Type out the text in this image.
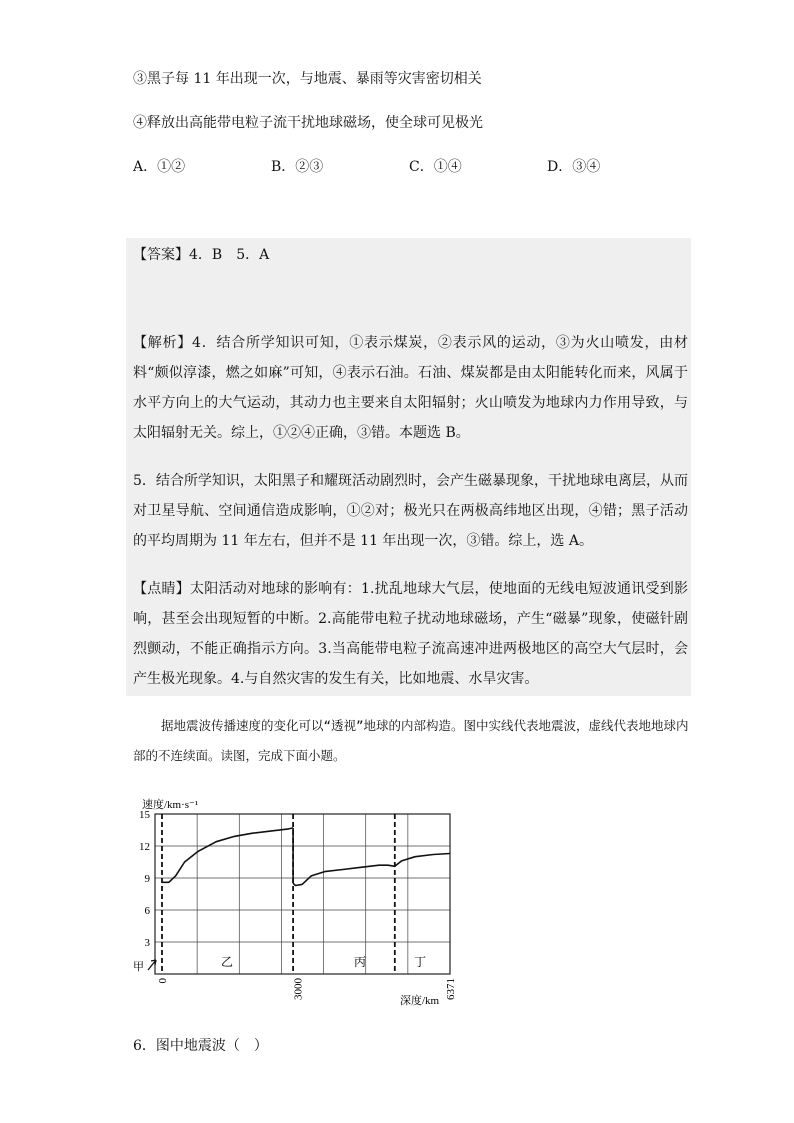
③黑子每 11 年出现一次，与地震、暴雨等灾害密切相关
④释放出高能带电粒子流干扰地球磁场，使全球可见极光
A．①②	B．②③	C．①④	D．③④
【答案】4．B　5．A
【解析】4．结合所学知识可知，①表示煤炭，②表示风的运动，③为火山喷发，由材料“颇似淳漆，燃之如麻”可知，④表示石油。石油、煤炭都是由太阳能转化而来，风属于水平方向上的大气运动，其动力也主要来自太阳辐射；火山喷发为地球内力作用导致，与太阳辐射无关。综上，①②④正确，③错。本题选 B。
5．结合所学知识，太阳黑子和耀斑活动剧烈时，会产生磁暴现象，干扰地球电离层，从而对卫星导航、空间通信造成影响，①②对；极光只在两极高纬地区出现，④错；黑子活动的平均周期为 11 年左右，但并不是 11 年出现一次，③错。综上，选 A。
【点睛】太阳活动对地球的影响有：1.扰乱地球大气层，使地面的无线电短波通讯受到影响，甚至会出现短暂的中断。2.高能带电粒子扰动地球磁场，产生“磁暴”现象，使磁针剧烈颤动，不能正确指示方向。3.当高能带电粒子流高速冲进两极地区的高空大气层时，会产生极光现象。4.与自然灾害的发生有关，比如地震、水旱灾害。
据地震波传播速度的变化可以“透视”地球的内部构造。图中实线代表地震波，虚线代表地地球内部的不连续面。读图，完成下面小题。
15
12
9
6
3
0	3000	6371
速度/km·s⁻¹
深度/km
甲	乙	丙	丁
6．图中地震波（　）
